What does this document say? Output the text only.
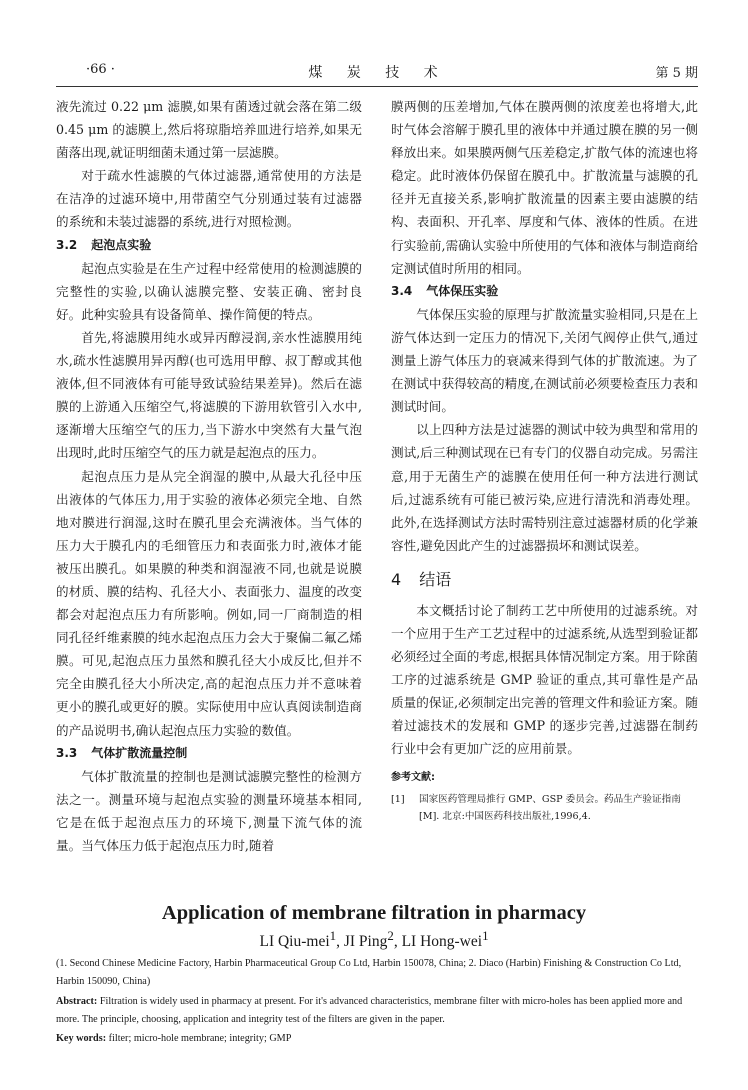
·66 ·	煤 炭 技 术	第 5 期

液先流过 0.22 μm 滤膜,如果有菌透过就会落在第二级 0.45 μm 的滤膜上,然后将琼脂培养皿进行培养,如果无菌落出现,就证明细菌未通过第一层滤膜。

对于疏水性滤膜的气体过滤器,通常使用的方法是在洁净的过滤环境中,用带菌空气分别通过装有过滤器的系统和未装过滤器的系统,进行对照检测。

3.2 起泡点实验

起泡点实验是在生产过程中经常使用的检测滤膜的完整性的实验,以确认滤膜完整、安装正确、密封良好。此种实验具有设备简单、操作简便的特点。

首先,将滤膜用纯水或异丙醇浸润,亲水性滤膜用纯水,疏水性滤膜用异丙醇(也可选用甲醇、叔丁醇或其他液体,但不同液体有可能导致试验结果差异)。然后在滤膜的上游通入压缩空气,将滤膜的下游用软管引入水中,逐渐增大压缩空气的压力,当下游水中突然有大量气泡出现时,此时压缩空气的压力就是起泡点的压力。

起泡点压力是从完全润湿的膜中,从最大孔径中压出液体的气体压力,用于实验的液体必须完全地、自然地对膜进行润湿,这时在膜孔里会充满液体。当气体的压力大于膜孔内的毛细管压力和表面张力时,液体才能被压出膜孔。如果膜的种类和润湿液不同,也就是说膜的材质、膜的结构、孔径大小、表面张力、温度的改变都会对起泡点压力有所影响。例如,同一厂商制造的相同孔径纤维素膜的纯水起泡点压力会大于聚偏二氟乙烯膜。可见,起泡点压力虽然和膜孔径大小成反比,但并不完全由膜孔径大小所决定,高的起泡点压力并不意味着更小的膜孔或更好的膜。实际使用中应认真阅读制造商的产品说明书,确认起泡点压力实验的数值。

3.3 气体扩散流量控制

气体扩散流量的控制也是测试滤膜完整性的检测方法之一。测量环境与起泡点实验的测量环境基本相同,它是在低于起泡点压力的环境下,测量下流气体的流量。当气体压力低于起泡点压力时,随着

膜两侧的压差增加,气体在膜两侧的浓度差也将增大,此时气体会溶解于膜孔里的液体中并通过膜在膜的另一侧释放出来。如果膜两侧气压差稳定,扩散气体的流速也将稳定。此时液体仍保留在膜孔中。扩散流量与滤膜的孔径并无直接关系,影响扩散流量的因素主要由滤膜的结构、表面积、开孔率、厚度和气体、液体的性质。在进行实验前,需确认实验中所使用的气体和液体与制造商给定测试值时所用的相同。

3.4 气体保压实验

气体保压实验的原理与扩散流量实验相同,只是在上游气体达到一定压力的情况下,关闭气阀停止供气,通过测量上游气体压力的衰减来得到气体的扩散流速。为了在测试中获得较高的精度,在测试前必须要检查压力表和测试时间。

以上四种方法是过滤器的测试中较为典型和常用的测试,后三种测试现在已有专门的仪器自动完成。另需注意,用于无菌生产的滤膜在使用任何一种方法进行测试后,过滤系统有可能已被污染,应进行清洗和消毒处理。此外,在选择测试方法时需特别注意过滤器材质的化学兼容性,避免因此产生的过滤器损坏和测试误差。

4 结语

本文概括讨论了制药工艺中所使用的过滤系统。对一个应用于生产工艺过程中的过滤系统,从选型到验证都必须经过全面的考虑,根据具体情况制定方案。用于除菌工序的过滤系统是 GMP 验证的重点,其可靠性是产品质量的保证,必须制定出完善的管理文件和验证方案。随着过滤技术的发展和 GMP 的逐步完善,过滤器在制药行业中会有更加广泛的应用前景。

参考文献:
[1] 国家医药管理局推行 GMP、GSP 委员会。药品生产验证指南[M]. 北京:中国医药科技出版社,1996,4.
Application of membrane filtration in pharmacy
LI Qiu-mei$^1$, JI Ping$^2$, LI Hong-wei$^1$
(1. Second Chinese Medicine Factory, Harbin Pharmaceutical Group Co Ltd, Harbin 150078, China; 2. Diaco (Harbin) Finishing & Construction Co Ltd, Harbin 150090, China)
Abstract: Filtration is widely used in pharmacy at present. For it's advanced characteristics, membrane filter with micro-holes has been applied more and more. The principle, choosing, application and integrity test of the filters are given in the paper.
Key words: filter; micro-hole membrane; integrity; GMP
